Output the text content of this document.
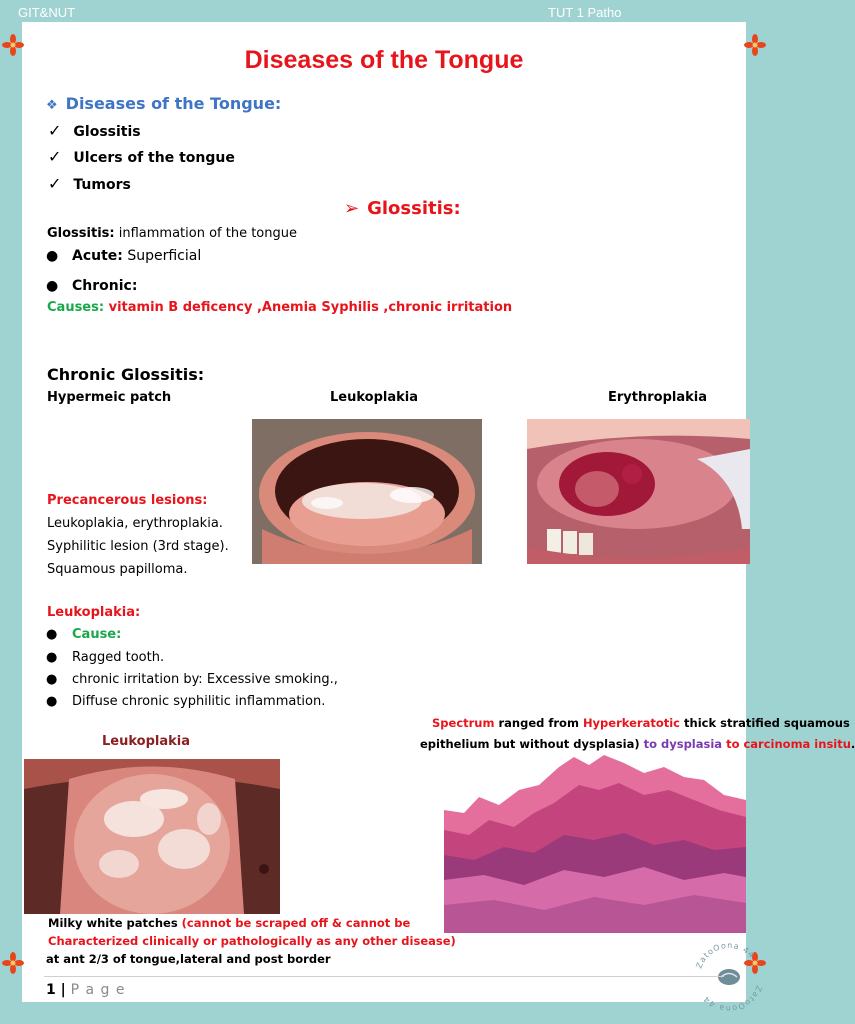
GIT&NUT	TUT 1 Patho
Diseases of the Tongue
❖ Diseases of the Tongue:
✓ Glossitis
✓ Ulcers of the tongue
✓ Tumors
➢ Glossitis:
Glossitis: inflammation of the tongue
● Acute: Superficial
● Chronic:
Causes: vitamin B deficency ,Anemia Syphilis ,chronic irritation
Chronic Glossitis:
Hypermeic patch	Leukoplakia	Erythroplakia
Precancerous lesions:
Leukoplakia, erythroplakia.
Syphilitic lesion (3rd stage).
Squamous papilloma.
Leukoplakia:
● Cause:
● Ragged tooth.
● chronic irritation by: Excessive smoking.,
● Diffuse chronic syphilitic inflammation.
Spectrum ranged from Hyperkeratotic thick stratified squamous
epithelium but without dysplasia) to dysplasia to carcinoma insitu.
Leukoplakia
Milky white patches (cannot be scraped off & cannot be
Characterized clinically or pathologically as any other disease)
at ant 2/3 of tongue,lateral and post border	ZatoOona 44
ZatoOona 44
1 | P a g e
